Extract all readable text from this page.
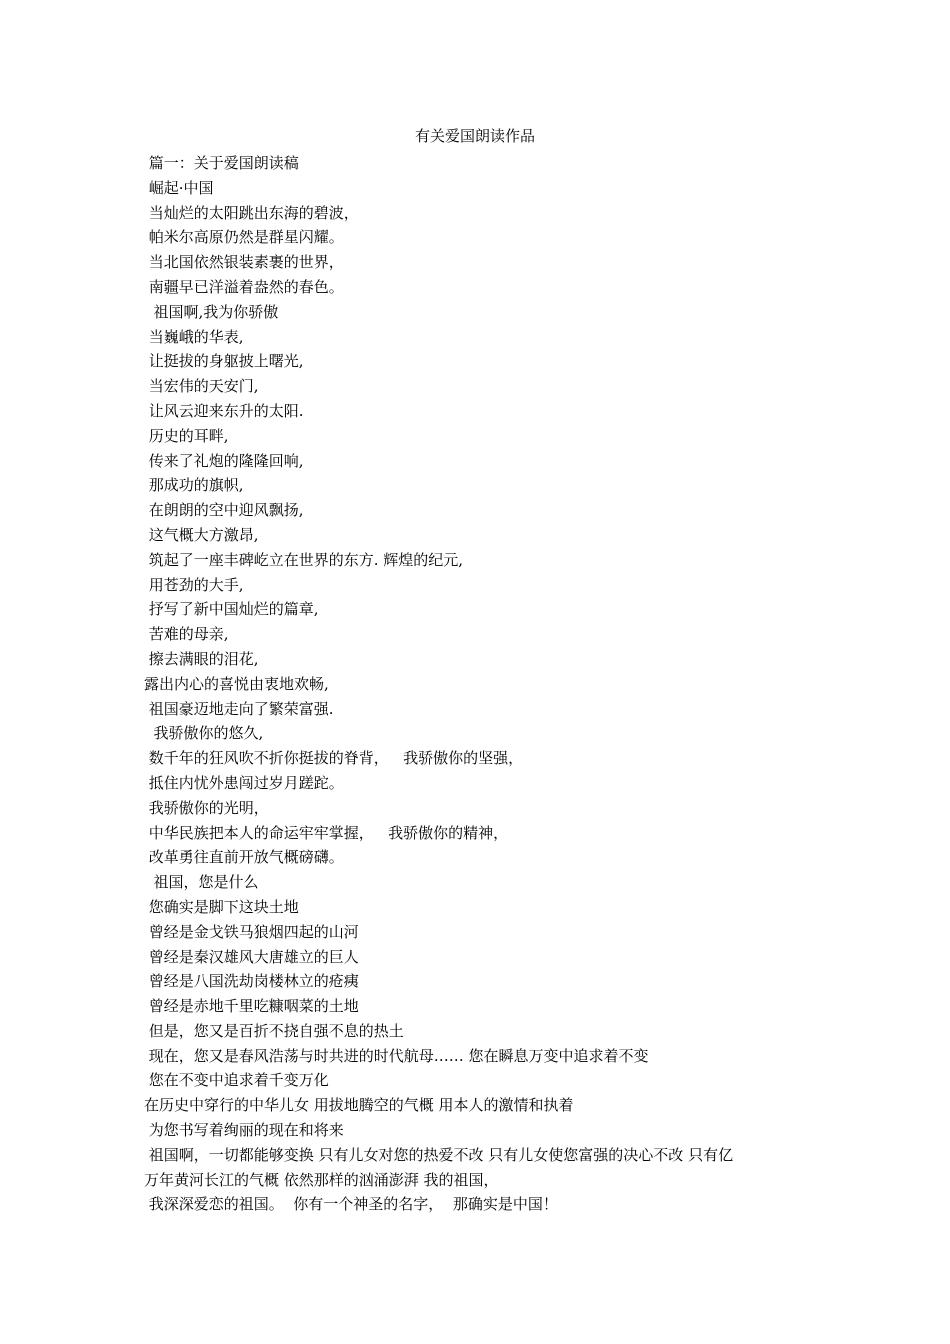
有关爱国朗读作品
篇一：关于爱国朗读稿
崛起·中国
当灿烂的太阳跳出东海的碧波，
帕米尔高原仍然是群星闪耀。
当北国依然银装素裹的世界，
南疆早已洋溢着盎然的春色。
祖国啊,我为你骄傲
当巍峨的华表,
让挺拔的身躯披上曙光,
当宏伟的天安门,
让风云迎来东升的太阳.
历史的耳畔,
传来了礼炮的隆隆回响,
那成功的旗帜,
在朗朗的空中迎风飘扬,
这气概大方激昂,
筑起了一座丰碑屹立在世界的东方. 辉煌的纪元,
用苍劲的大手,
抒写了新中国灿烂的篇章,
苦难的母亲,
擦去满眼的泪花,
露出内心的喜悦由衷地欢畅,
祖国豪迈地走向了繁荣富强.
我骄傲你的悠久,
数千年的狂风吹不折你挺拔的脊背，   我骄傲你的坚强，
抵住内忧外患闯过岁月蹉跎。
我骄傲你的光明，
中华民族把本人的命运牢牢掌握，   我骄傲你的精神，
改革勇往直前开放气概磅礴。
祖国，您是什么
您确实是脚下这块土地
曾经是金戈铁马狼烟四起的山河
曾经是秦汉雄风大唐雄立的巨人
曾经是八国洗劫岗楼林立的疮痍
曾经是赤地千里吃糠咽菜的土地
但是，您又是百折不挠自强不息的热土
现在，您又是春风浩荡与时共进的时代航母…… 您在瞬息万变中追求着不变
您在不变中追求着千变万化
在历史中穿行的中华儿女 用拔地腾空的气概 用本人的激情和执着
为您书写着绚丽的现在和将来
祖国啊，一切都能够变换 只有儿女对您的热爱不改 只有儿女使您富强的决心不改 只有亿
万年黄河长江的气概 依然那样的汹涌澎湃 我的祖国，
我深深爱恋的祖国。  你有一个神圣的名字，  那确实是中国！
